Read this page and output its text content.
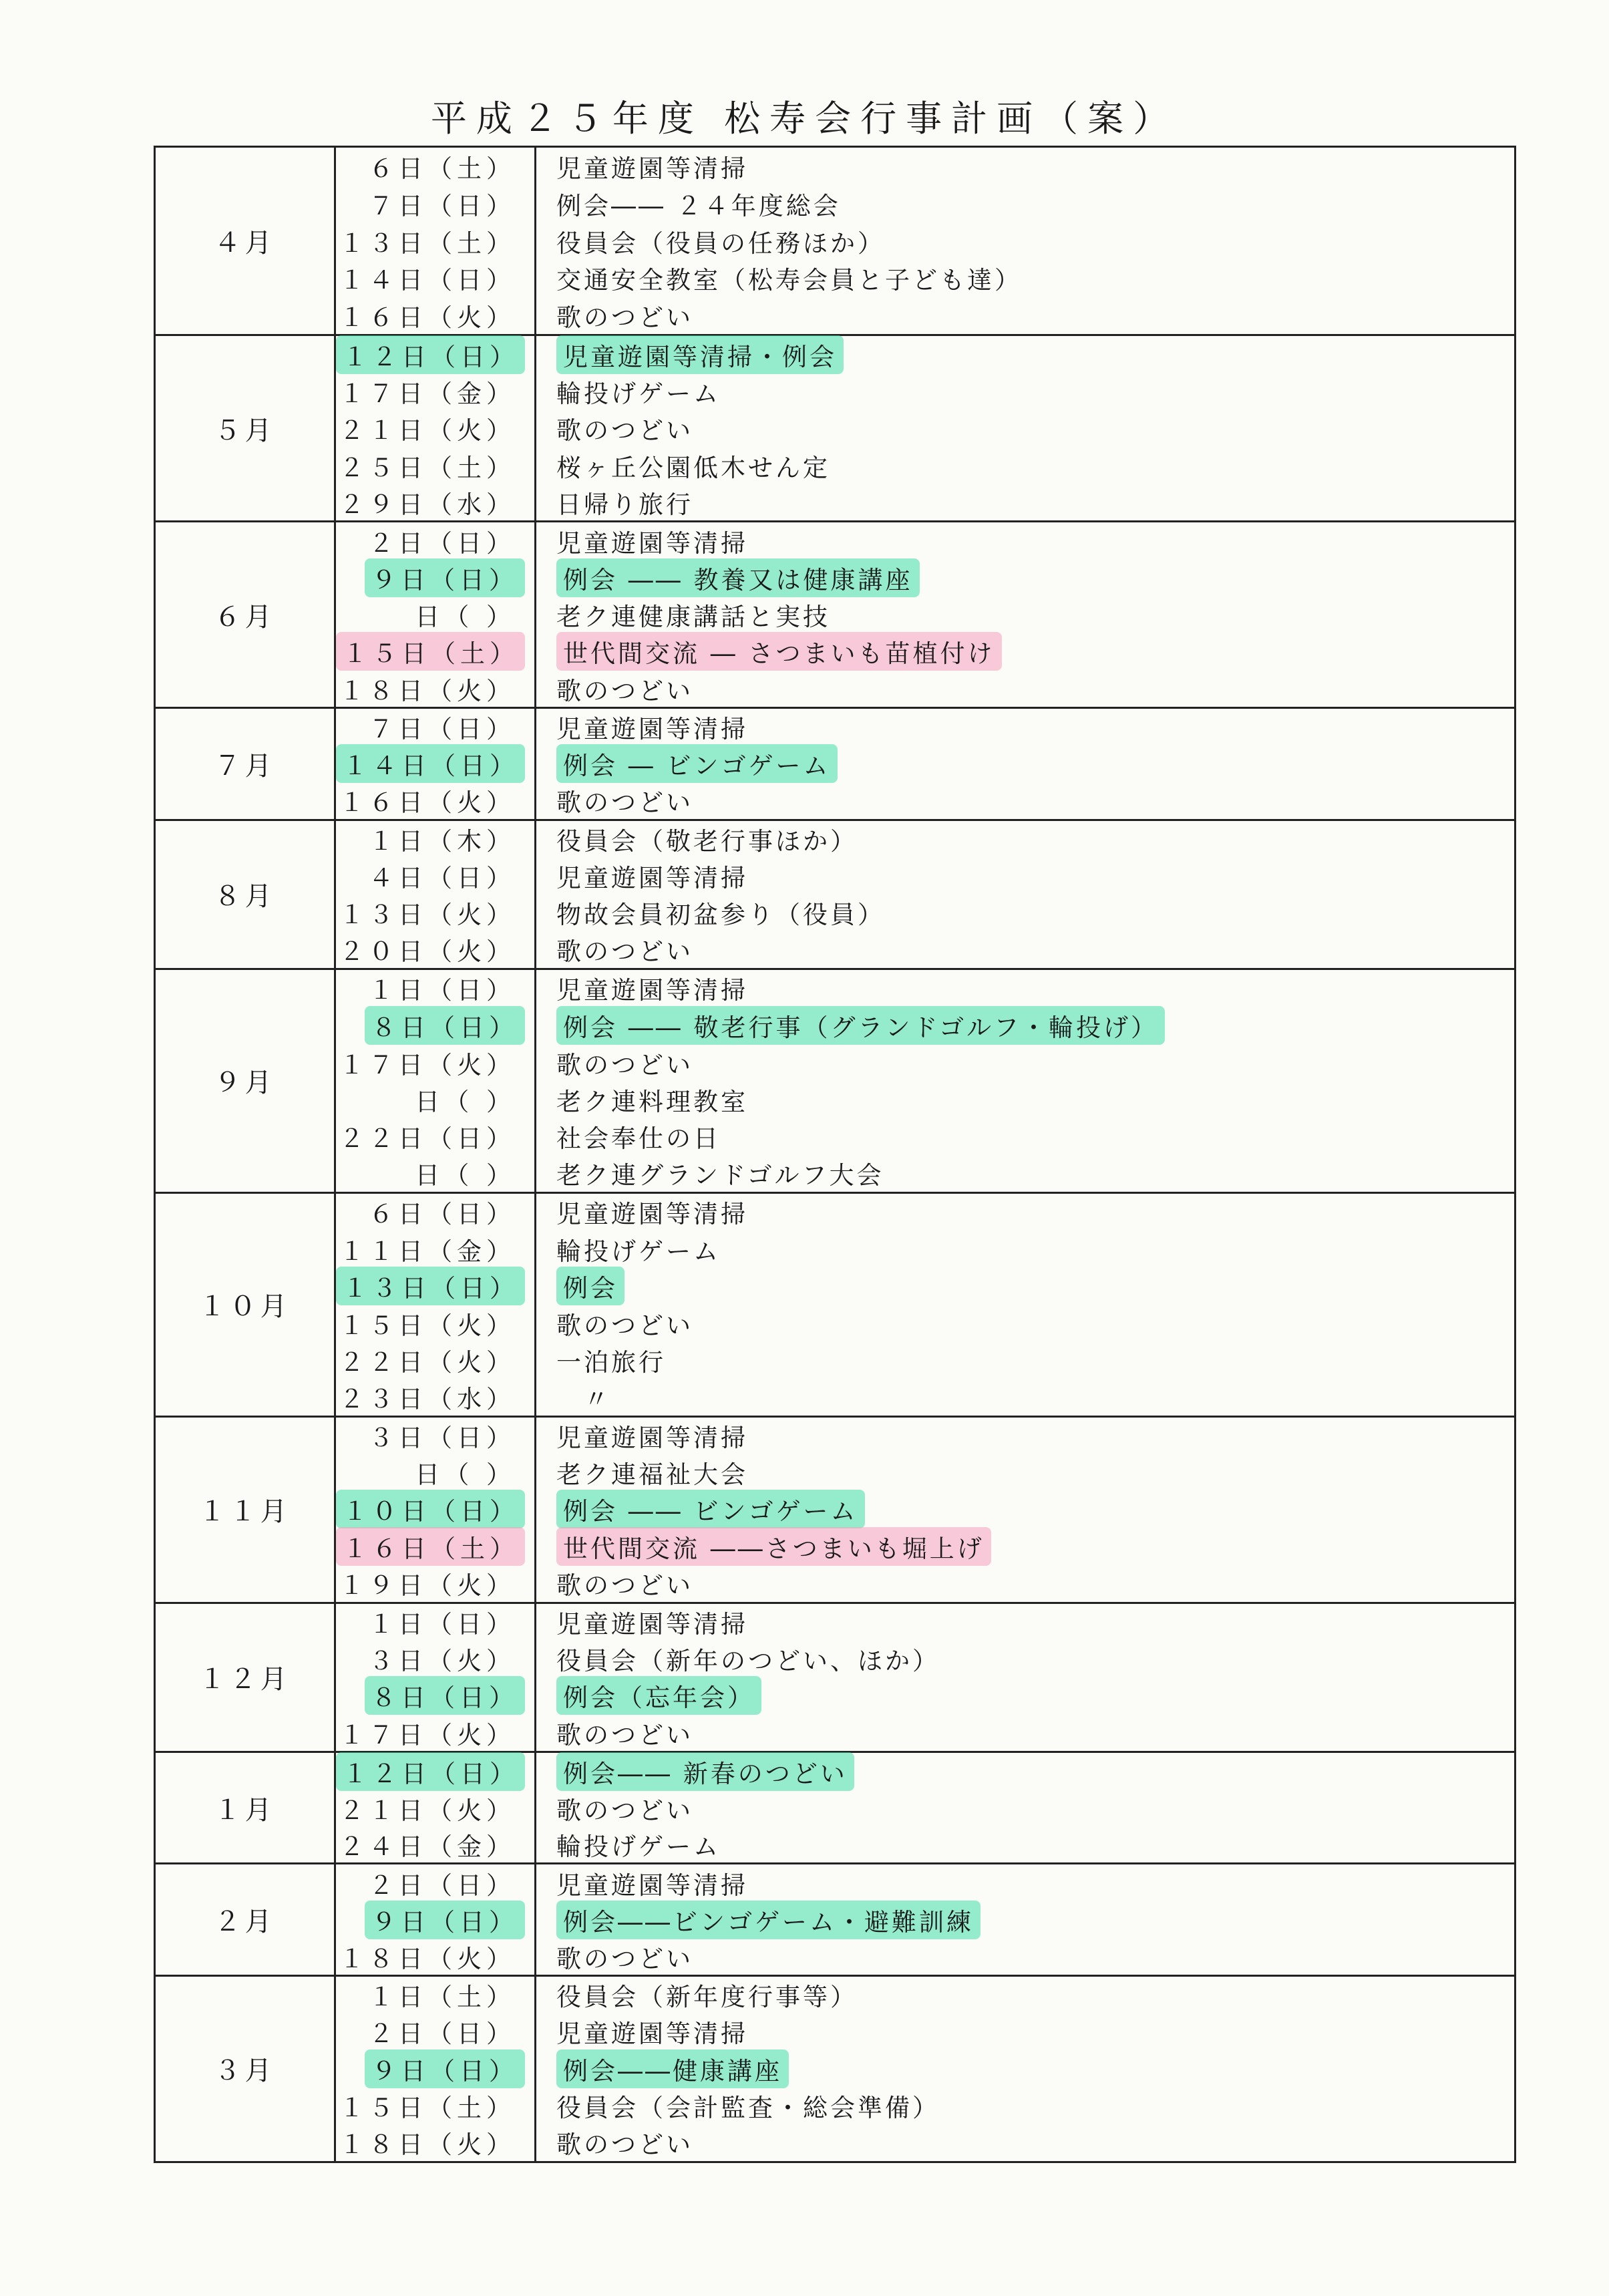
平成２５年度 松寿会行事計画（案）
４月
６日（土） 児童遊園等清掃
７日（日） 例会―― ２４年度総会
１３日（土） 役員会（役員の任務ほか）
１４日（日） 交通安全教室（松寿会員と子ども達）
１６日（火） 歌のつどい
５月
１２日（日） 児童遊園等清掃・例会
１７日（金） 輪投げゲーム
２１日（火） 歌のつどい
２５日（土） 桜ヶ丘公園低木せん定
２９日（水） 日帰り旅行
６月
２日（日） 児童遊園等清掃
９日（日） 例会 ―― 教養又は健康講座
日（ ） 老ク連健康講話と実技
１５日（土） 世代間交流 ― さつまいも苗植付け
１８日（火） 歌のつどい
７月
７日（日） 児童遊園等清掃
１４日（日） 例会 ― ビンゴゲーム
１６日（火） 歌のつどい
８月
１日（木） 役員会（敬老行事ほか）
４日（日） 児童遊園等清掃
１３日（火） 物故会員初盆参り（役員）
２０日（火） 歌のつどい
９月
１日（日） 児童遊園等清掃
８日（日） 例会 ―― 敬老行事（グランドゴルフ・輪投げ）
１７日（火） 歌のつどい
日（ ） 老ク連料理教室
２２日（日） 社会奉仕の日
日（ ） 老ク連グランドゴルフ大会
１０月
６日（日） 児童遊園等清掃
１１日（金） 輪投げゲーム
１３日（日） 例会
１５日（火） 歌のつどい
２２日（火） 一泊旅行
２３日（水） 　〃
１１月
３日（日） 児童遊園等清掃
日（ ） 老ク連福祉大会
１０日（日） 例会 ―― ビンゴゲーム
１６日（土） 世代間交流 ――さつまいも堀上げ
１９日（火） 歌のつどい
１２月
１日（日） 児童遊園等清掃
３日（火） 役員会（新年のつどい、ほか）
８日（日） 例会（忘年会）
１７日（火） 歌のつどい
１月
１２日（日） 例会―― 新春のつどい
２１日（火） 歌のつどい
２４日（金） 輪投げゲーム
２月
２日（日） 児童遊園等清掃
９日（日） 例会――ビンゴゲーム・避難訓練
１８日（火） 歌のつどい
３月
１日（土） 役員会（新年度行事等）
２日（日） 児童遊園等清掃
９日（日） 例会――健康講座
１５日（土） 役員会（会計監査・総会準備）
１８日（火） 歌のつどい
